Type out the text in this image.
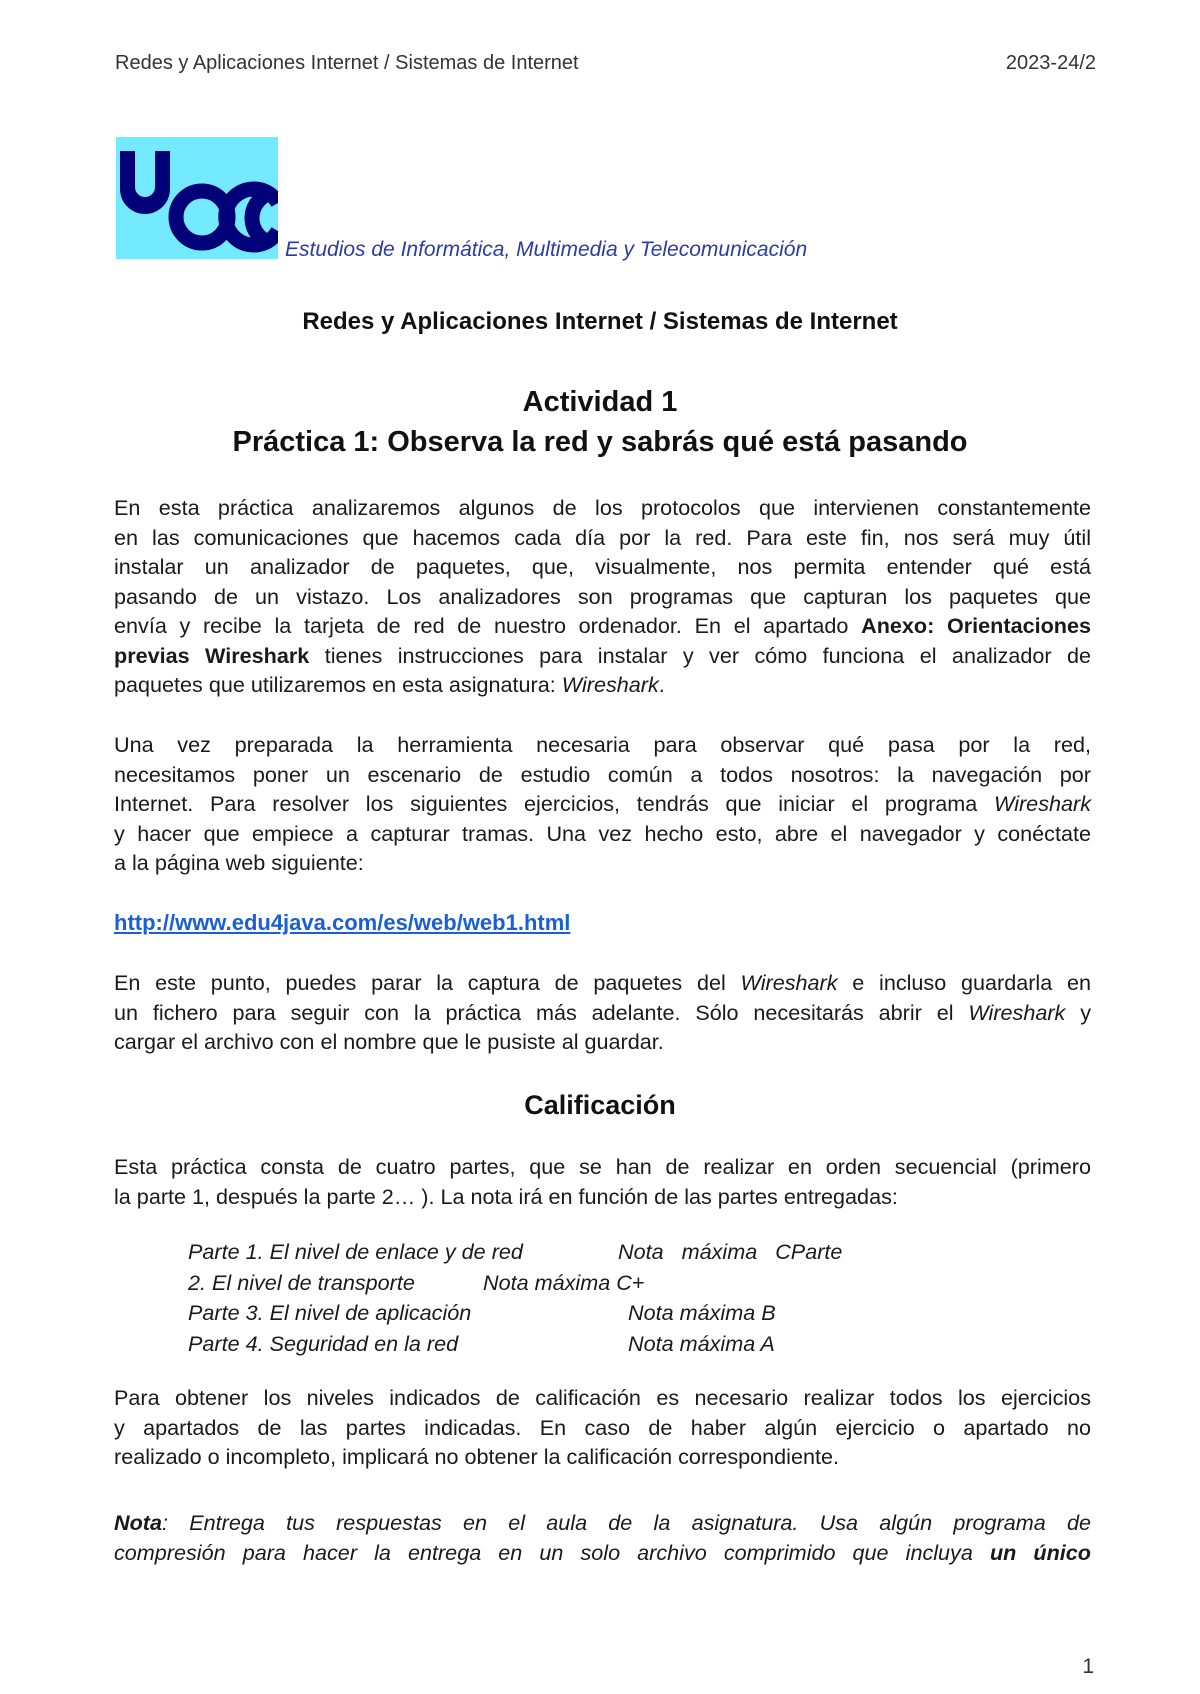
Redes y Aplicaciones Internet / Sistemas de Internet	2023-24/2
Estudios de Informática, Multimedia y Telecomunicación
Redes y Aplicaciones Internet / Sistemas de Internet
Actividad 1
Práctica 1: Observa la red y sabrás qué está pasando
En esta práctica analizaremos algunos de los protocolos que intervienen constantemente
en las comunicaciones que hacemos cada día por la red. Para este fin, nos será muy útil
instalar un analizador de paquetes, que, visualmente, nos permita entender qué está
pasando de un vistazo. Los analizadores son programas que capturan los paquetes que
envía y recibe la tarjeta de red de nuestro ordenador. En el apartado Anexo: Orientaciones
previas Wireshark tienes instrucciones para instalar y ver cómo funciona el analizador de
paquetes que utilizaremos en esta asignatura: Wireshark.
Una vez preparada la herramienta necesaria para observar qué pasa por la red,
necesitamos poner un escenario de estudio común a todos nosotros: la navegación por
Internet. Para resolver los siguientes ejercicios, tendrás que iniciar el programa Wireshark
y hacer que empiece a capturar tramas. Una vez hecho esto, abre el navegador y conéctate
a la página web siguiente:
http://www.edu4java.com/es/web/web1.html
En este punto, puedes parar la captura de paquetes del Wireshark e incluso guardarla en
un fichero para seguir con la práctica más adelante. Sólo necesitarás abrir el Wireshark y
cargar el archivo con el nombre que le pusiste al guardar.
Calificación
Esta práctica consta de cuatro partes, que se han de realizar en orden secuencial (primero
la parte 1, después la parte 2… ). La nota irá en función de las partes entregadas:
Parte 1. El nivel de enlace y de red	Nota   máxima   CParte
2. El nivel de transporte	Nota máxima C+
Parte 3. El nivel de aplicación	Nota máxima B
Parte 4. Seguridad en la red	Nota máxima A
Para obtener los niveles indicados de calificación es necesario realizar todos los ejercicios
y apartados de las partes indicadas. En caso de haber algún ejercicio o apartado no
realizado o incompleto, implicará no obtener la calificación correspondiente.
Nota: Entrega tus respuestas en el aula de la asignatura. Usa algún programa de
compresión para hacer la entrega en un solo archivo comprimido que incluya un único
1
